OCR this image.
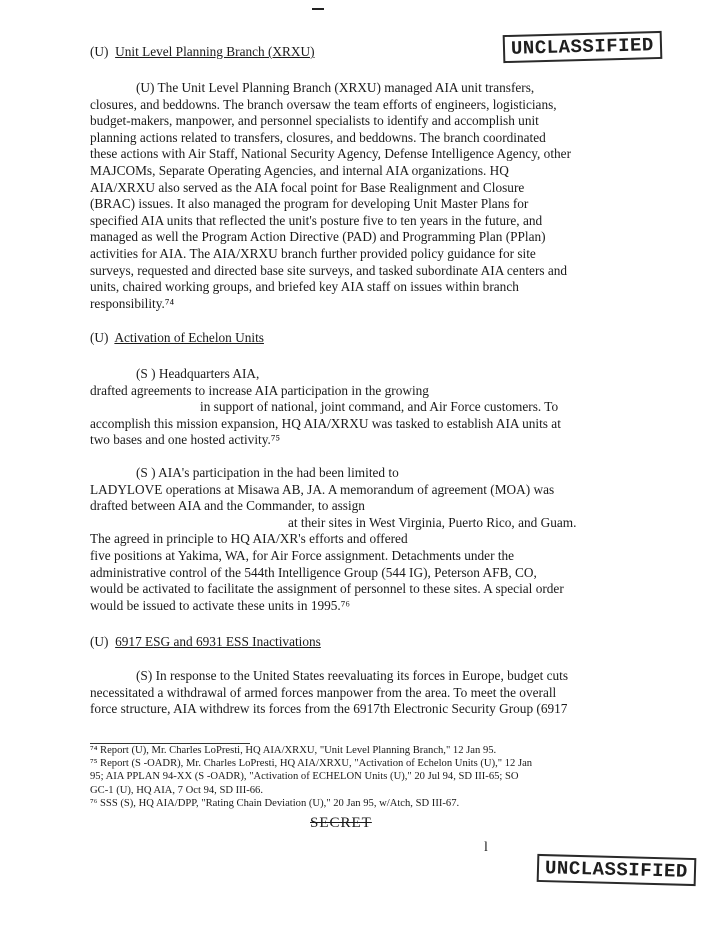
UNCLASSIFIED
(U) Unit Level Planning Branch (XRXU)
(U) The Unit Level Planning Branch (XRXU) managed AIA unit transfers,
closures, and beddowns. The branch oversaw the team efforts of engineers, logisticians,
budget-makers, manpower, and personnel specialists to identify and accomplish unit
planning actions related to transfers, closures, and beddowns. The branch coordinated
these actions with Air Staff, National Security Agency, Defense Intelligence Agency, other
MAJCOMs, Separate Operating Agencies, and internal AIA organizations. HQ
AIA/XRXU also served as the AIA focal point for Base Realignment and Closure
(BRAC) issues. It also managed the program for developing Unit Master Plans for
specified AIA units that reflected the unit's posture five to ten years in the future, and
managed as well the Program Action Directive (PAD) and Programming Plan (PPlan)
activities for AIA. The AIA/XRXU branch further provided policy guidance for site
surveys, requested and directed base site surveys, and tasked subordinate AIA centers and
units, chaired working groups, and briefed key AIA staff on issues within branch
responsibility.⁷⁴
(U) Activation of Echelon Units
(S ) Headquarters AIA,
drafted agreements to increase AIA participation in the growing
in support of national, joint command, and Air Force customers. To
accomplish this mission expansion, HQ AIA/XRXU was tasked to establish AIA units at
two bases and one hosted activity.⁷⁵
(S ) AIA's participation in the had been limited to
LADYLOVE operations at Misawa AB, JA. A memorandum of agreement (MOA) was
drafted between AIA and the Commander, to assign
at their sites in West Virginia, Puerto Rico, and Guam.
The agreed in principle to HQ AIA/XR's efforts and offered
five positions at Yakima, WA, for Air Force assignment. Detachments under the
administrative control of the 544th Intelligence Group (544 IG), Peterson AFB, CO,
would be activated to facilitate the assignment of personnel to these sites. A special order
would be issued to activate these units in 1995.⁷⁶
(U) 6917 ESG and 6931 ESS Inactivations
(S) In response to the United States reevaluating its forces in Europe, budget cuts
necessitated a withdrawal of armed forces manpower from the area. To meet the overall
force structure, AIA withdrew its forces from the 6917th Electronic Security Group (6917
⁷⁴ Report (U), Mr. Charles LoPresti, HQ AIA/XRXU, "Unit Level Planning Branch," 12 Jan 95.
⁷⁵ Report (S -OADR), Mr. Charles LoPresti, HQ AIA/XRXU, "Activation of Echelon Units (U)," 12 Jan
95; AIA PPLAN 94-XX (S -OADR), "Activation of ECHELON Units (U)," 20 Jul 94, SD III-65; SO
GC-1 (U), HQ AIA, 7 Oct 94, SD III-66.
⁷⁶ SSS (S), HQ AIA/DPP, "Rating Chain Deviation (U)," 20 Jan 95, w/Atch, SD III-67.
SECRET
l
UNCLASSIFIED
